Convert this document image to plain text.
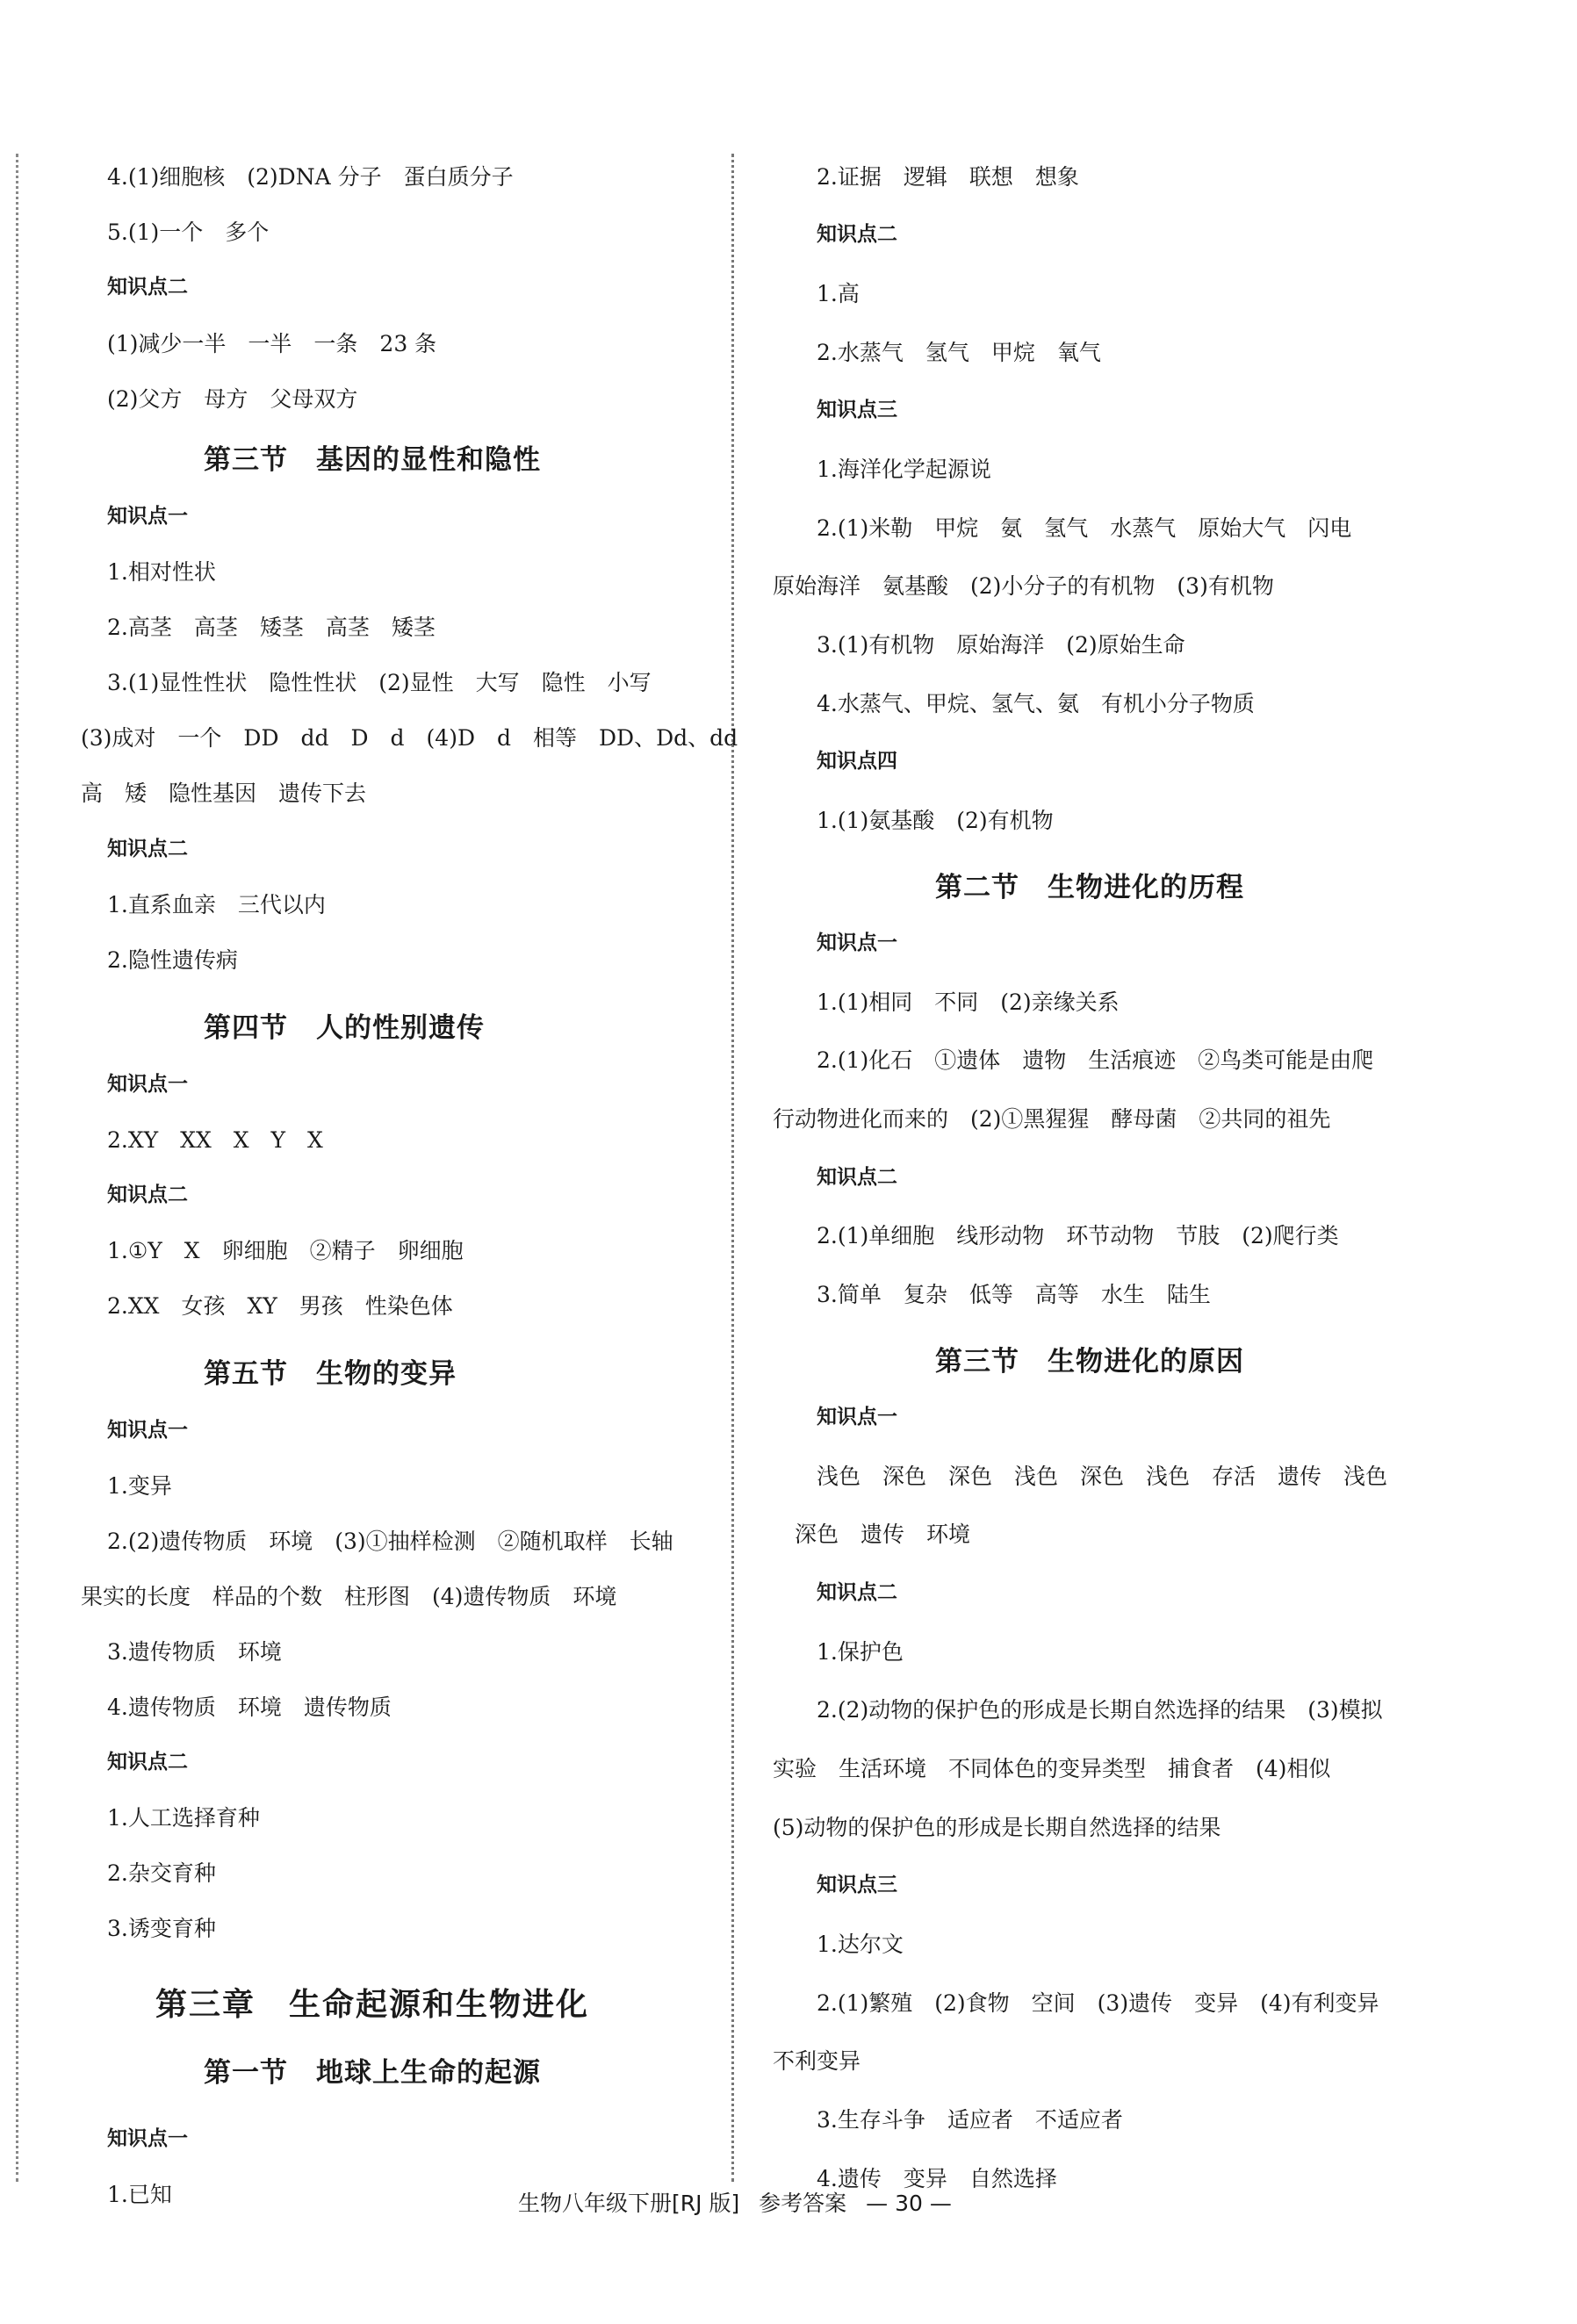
4.(1)细胞核　(2)DNA 分子　蛋白质分子
5.(1)一个　多个
知识点二
(1)减少一半　一半　一条　23 条
(2)父方　母方　父母双方
第三节　基因的显性和隐性
知识点一
1.相对性状
2.高茎　高茎　矮茎　高茎　矮茎
3.(1)显性性状　隐性性状　(2)显性　大写　隐性　小写
(3)成对　一个　DD　dd　D　d　(4)D　d　相等　DD、Dd、dd
高　矮　隐性基因　遗传下去
知识点二
1.直系血亲　三代以内
2.隐性遗传病
第四节　人的性别遗传
知识点一
2.XY　XX　X　Y　X
知识点二
1.①Y　X　卵细胞　②精子　卵细胞
2.XX　女孩　XY　男孩　性染色体
第五节　生物的变异
知识点一
1.变异
2.(2)遗传物质　环境　(3)①抽样检测　②随机取样　长轴
果实的长度　样品的个数　柱形图　(4)遗传物质　环境
3.遗传物质　环境
4.遗传物质　环境　遗传物质
知识点二
1.人工选择育种
2.杂交育种
3.诱变育种
第三章　生命起源和生物进化
第一节　地球上生命的起源
知识点一
1.已知
2.证据　逻辑　联想　想象
知识点二
1.高
2.水蒸气　氢气　甲烷　氧气
知识点三
1.海洋化学起源说
2.(1)米勒　甲烷　氨　氢气　水蒸气　原始大气　闪电
原始海洋　氨基酸　(2)小分子的有机物　(3)有机物
3.(1)有机物　原始海洋　(2)原始生命
4.水蒸气、甲烷、氢气、氨　有机小分子物质
知识点四
1.(1)氨基酸　(2)有机物
第二节　生物进化的历程
知识点一
1.(1)相同　不同　(2)亲缘关系
2.(1)化石　①遗体　遗物　生活痕迹　②鸟类可能是由爬
行动物进化而来的　(2)①黑猩猩　酵母菌　②共同的祖先
知识点二
2.(1)单细胞　线形动物　环节动物　节肢　(2)爬行类
3.简单　复杂　低等　高等　水生　陆生
第三节　生物进化的原因
知识点一
浅色　深色　深色　浅色　深色　浅色　存活　遗传　浅色
　深色　遗传　环境
知识点二
1.保护色
2.(2)动物的保护色的形成是长期自然选择的结果　(3)模拟
实验　生活环境　不同体色的变异类型　捕食者　(4)相似
(5)动物的保护色的形成是长期自然选择的结果
知识点三
1.达尔文
2.(1)繁殖　(2)食物　空间　(3)遗传　变异　(4)有利变异
不利变异
3.生存斗争　适应者　不适应者
4.遗传　变异　自然选择
生物八年级下册[RJ 版] 参考答案 — 30 —
